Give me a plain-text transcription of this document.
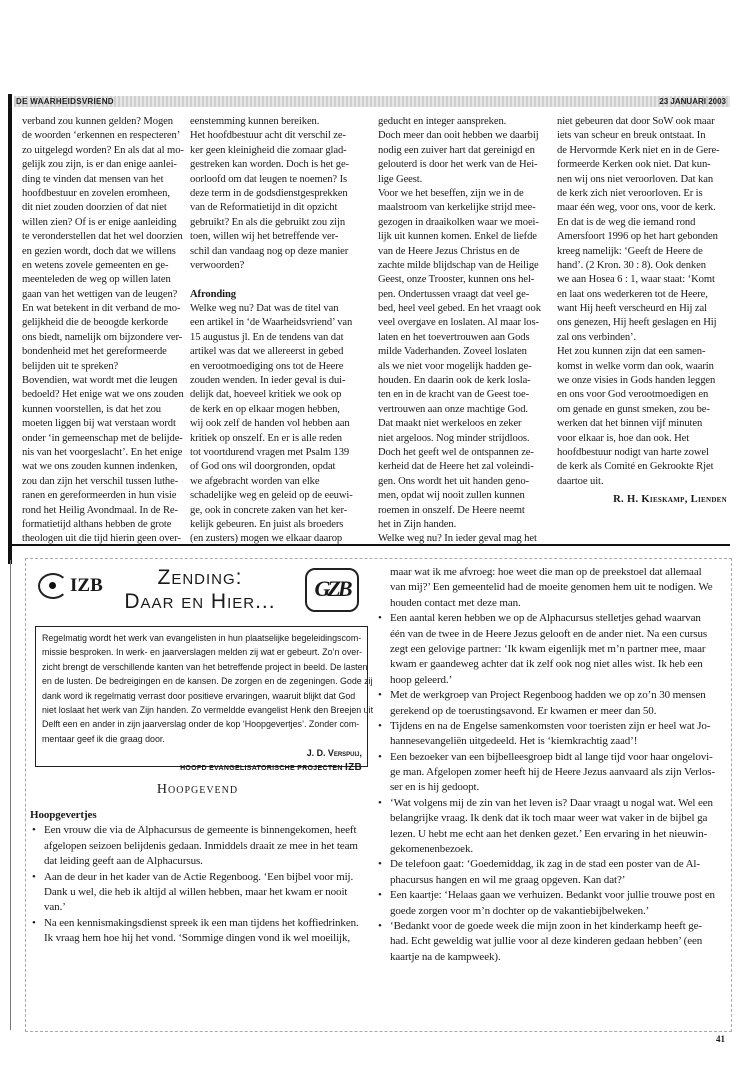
DE WAARHEIDSVRIEND	23 JANUARI 2003
verband zou kunnen gelden? Mogen
de woorden ‘erkennen en respecteren’
zo uitgelegd worden? En als dat al mo-
gelijk zou zijn, is er dan enige aanlei-
ding te vinden dat mensen van het
hoofdbestuur en zovelen eromheen,
dit niet zouden doorzien of dat niet
willen zien? Of is er enige aanleiding
te veronderstellen dat het wel doorzien
en gezien wordt, doch dat we willens
en wetens zovele gemeenten en ge-
meenteleden de weg op willen laten
gaan van het wettigen van de leugen?
En wat betekent in dit verband de mo-
gelijkheid die de beoogde kerkorde
ons biedt, namelijk om bijzondere ver-
bondenheid met het gereformeerde
belijden uit te spreken?
Bovendien, wat wordt met die leugen
bedoeld? Het enige wat we ons zouden
kunnen voorstellen, is dat het zou
moeten liggen bij wat verstaan wordt
onder ‘in gemeenschap met de belijde-
nis van het voorgeslacht’. En het enige
wat we ons zouden kunnen indenken,
zou dan zijn het verschil tussen luthe-
ranen en gereformeerden in hun visie
rond het Heilig Avondmaal. In de Re-
formatietijd althans hebben de grote
theologen uit die tijd hierin geen over-
eenstemming kunnen bereiken.
Het hoofdbestuur acht dit verschil ze-
ker geen kleinigheid die zomaar glad-
gestreken kan worden. Doch is het ge-
oorloofd om dat leugen te noemen? Is
deze term in de godsdienstgesprekken
van de Reformatietijd in dit opzicht
gebruikt? En als die gebruikt zou zijn
toen, willen wij het betreffende ver-
schil dan vandaag nog op deze manier
verwoorden?
Afronding
Welke weg nu? Dat was de titel van
een artikel in ‘de Waarheidsvriend’ van
15 augustus jl. En de tendens van dat
artikel was dat we allereerst in gebed
en verootmoediging ons tot de Heere
zouden wenden. In ieder geval is dui-
delijk dat, hoeveel kritiek we ook op
de kerk en op elkaar mogen hebben,
wij ook zelf de handen vol hebben aan
kritiek op onszelf. En er is alle reden
tot voortdurend vragen met Psalm 139
of God ons wil doorgronden, opdat
we afgebracht worden van elke
schadelijke weg en geleid op de eeuwi-
ge, ook in concrete zaken van het ker-
kelijk gebeuren. En juist als broeders
(en zusters) mogen we elkaar daarop
geducht en integer aanspreken.
Doch meer dan ooit hebben we daarbij
nodig een zuiver hart dat gereinigd en
gelouterd is door het werk van de Hei-
lige Geest.
Voor we het beseffen, zijn we in de
maalstroom van kerkelijke strijd mee-
gezogen in draaikolken waar we moei-
lijk uit kunnen komen. Enkel de liefde
van de Heere Jezus Christus en de
zachte milde blijdschap van de Heilige
Geest, onze Trooster, kunnen ons hel-
pen. Ondertussen vraagt dat veel ge-
bed, heel veel gebed. En het vraagt ook
veel overgave en loslaten. Al maar los-
laten en het toevertrouwen aan Gods
milde Vaderhanden. Zoveel loslaten
als we niet voor mogelijk hadden ge-
houden. En daarin ook de kerk losla-
ten en in de kracht van de Geest toe-
vertrouwen aan onze machtige God.
Dat maakt niet werkeloos en zeker
niet argeloos. Nog minder strijdloos.
Doch het geeft wel de ontspannen ze-
kerheid dat de Heere het zal voleindi-
gen. Ons wordt het uit handen geno-
men, opdat wij nooit zullen kunnen
roemen in onszelf. De Heere neemt
het in Zijn handen.
Welke weg nu? In ieder geval mag het
niet gebeuren dat door SoW ook maar
iets van scheur en breuk ontstaat. In
de Hervormde Kerk niet en in de Gere-
formeerde Kerken ook niet. Dat kun-
nen wij ons niet veroorloven. Dat kan
de kerk zich niet veroorloven. Er is
maar één weg, voor ons, voor de kerk.
En dat is de weg die iemand rond
Amersfoort 1996 op het hart gebonden
kreeg namelijk: ‘Geeft de Heere de
hand’. (2 Kron. 30 : 8). Ook denken
we aan Hosea 6 : 1, waar staat: ‘Komt
en laat ons wederkeren tot de Heere,
want Hij heeft verscheurd en Hij zal
ons genezen, Hij heeft geslagen en Hij
zal ons verbinden’.
Het zou kunnen zijn dat een samen-
komst in welke vorm dan ook, waarin
we onze visies in Gods handen leggen
en ons voor God verootmoedigen en
om genade en gunst smeken, zou be-
werken dat het binnen vijf minuten
voor elkaar is, hoe dan ook. Het
hoofdbestuur nodigt van harte zowel
de kerk als Comité en Gekrookte Rjet
daartoe uit.
R. H. Kieskamp, Lienden
IZB	GZB
Zending:
Daar en Hier...
Regelmatig wordt het werk van evangelisten in hun plaatselijke begeleidingscom-
missie besproken. In werk- en jaarverslagen melden zij wat er gebeurt. Zo’n over-
zicht brengt de verschillende kanten van het betreffende project in beeld. De lasten
en de lusten. De bedreigingen en de kansen. De zorgen en de zegeningen. Gode zij
dank word ik regelmatig verrast door positieve ervaringen, waaruit blijkt dat God
niet loslaat het werk van Zijn handen. Zo vermeldde evangelist Henk den Breejen uit
Delft een en ander in zijn jaarverslag onder de kop ‘Hoopgevertjes’. Zonder com-
mentaar geef ik die graag door.
J. D. Verspuij,
HOOFD EVANGELISATORISCHE PROJECTEN IZB
Hoopgevend
Hoopgevertjes
• Een vrouw die via de Alphacursus de gemeente is binnengekomen, heeft
afgelopen seizoen belijdenis gedaan. Inmiddels draait ze mee in het team
dat leiding geeft aan de Alphacursus.
• Aan de deur in het kader van de Actie Regenboog. ‘Een bijbel voor mij.
Dank u wel, die heb ik altijd al willen hebben, maar het kwam er nooit
van.’
• Na een kennismakingsdienst spreek ik een man tijdens het koffiedrinken.
Ik vraag hem hoe hij het vond. ‘Sommige dingen vond ik wel moeilijk,
maar wat ik me afvroeg: hoe weet die man op de preekstoel dat allemaal
van mij?’ Een gemeentelid had de moeite genomen hem uit te nodigen. We
houden contact met deze man.
• Een aantal keren hebben we op de Alphacursus stelletjes gehad waarvan
één van de twee in de Heere Jezus gelooft en de ander niet. Na een cursus
zegt een gelovige partner: ‘Ik kwam eigenlijk met m’n partner mee, maar
kwam er gaandeweg achter dat ik zelf ook nog niet alles wist. Ik heb een
hoop geleerd.’
• Met de werkgroep van Project Regenboog hadden we op zo’n 30 mensen
gerekend op de toerustingsavond. Er kwamen er meer dan 50.
• Tijdens en na de Engelse samenkomsten voor toeristen zijn er heel wat Jo-
hannesevangeliën uitgedeeld. Het is ‘kiemkrachtig zaad’!
• Een bezoeker van een bijbelleesgroep bidt al lange tijd voor haar ongelovi-
ge man. Afgelopen zomer heeft hij de Heere Jezus aanvaard als zijn Verlos-
ser en is hij gedoopt.
• ‘Wat volgens mij de zin van het leven is? Daar vraagt u nogal wat. Wel een
belangrijke vraag. Ik denk dat ik toch maar weer wat vaker in de bijbel ga
lezen. U hebt me echt aan het denken gezet.’ Een ervaring in het nieuwin-
gekomenenbezoek.
• De telefoon gaat: ‘Goedemiddag, ik zag in de stad een poster van de Al-
phacursus hangen en wil me graag opgeven. Kan dat?’
• Een kaartje: ‘Helaas gaan we verhuizen. Bedankt voor jullie trouwe post en
goede zorgen voor m’n dochter op de vakantiebijbelweken.’
• ‘Bedankt voor de goede week die mijn zoon in het kinderkamp heeft ge-
had. Echt geweldig wat jullie voor al deze kinderen gedaan hebben’ (een
kaartje na de kampweek).
41
